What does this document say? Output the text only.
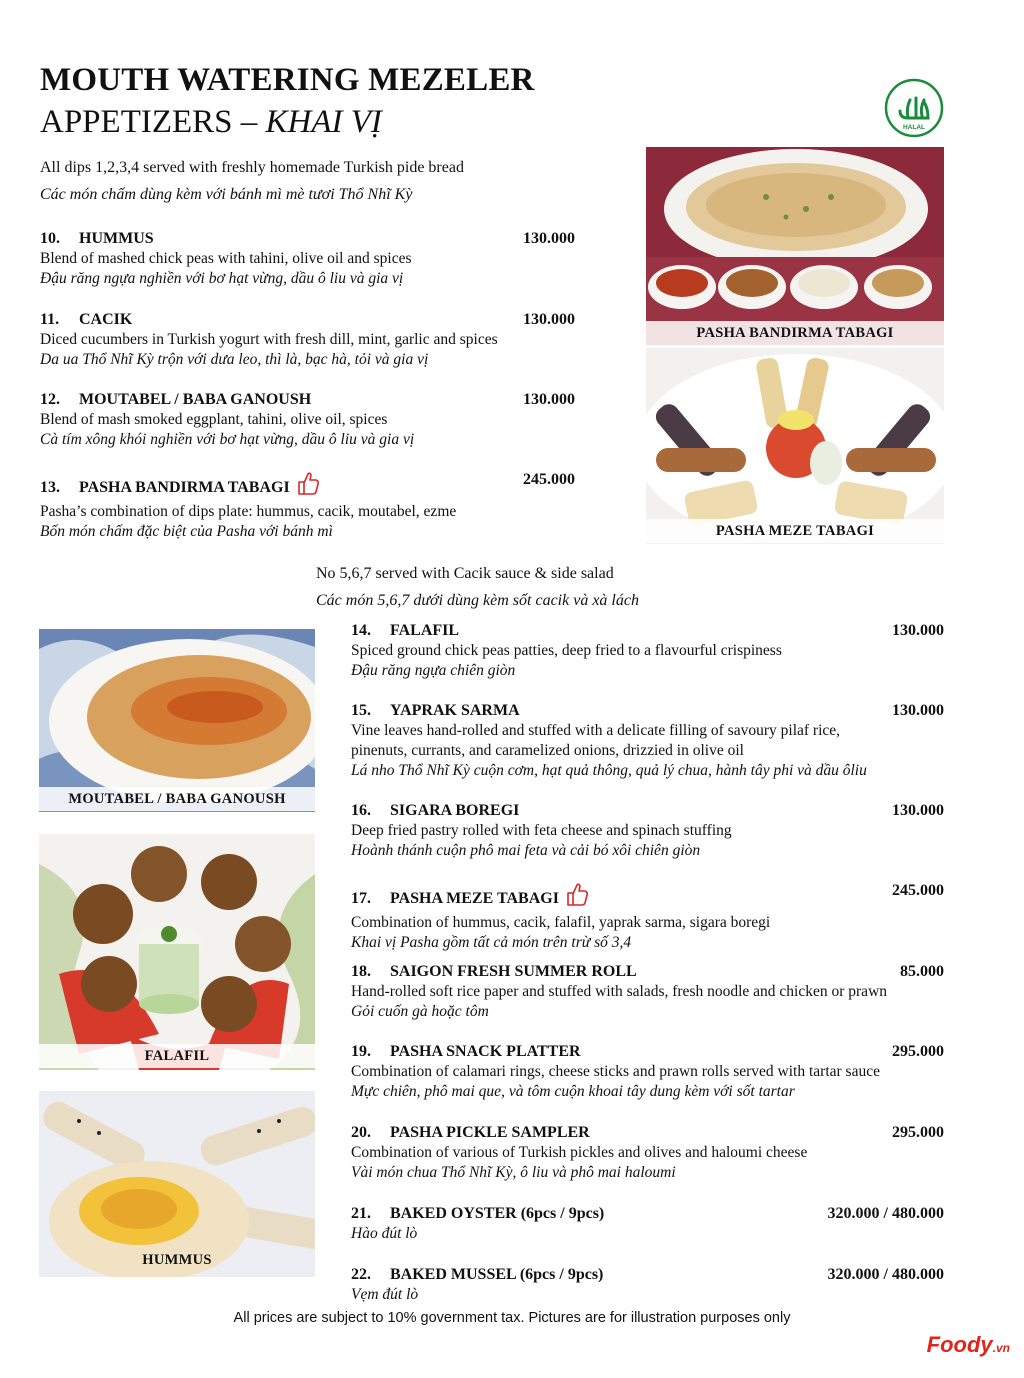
MOUTH WATERING MEZELER
APPETIZERS – KHAI VỊ	HALAL
All dips 1,2,3,4 served with freshly homemade Turkish pide bread
Các món chấm dùng kèm với bánh mì mè tươi Thổ Nhĩ Kỳ
10. HUMMUS	130.000
Blend of mashed chick peas with tahini, olive oil and spices
Đậu răng ngựa nghiền với bơ hạt vừng, dầu ô liu và gia vị
11. CACIK	130.000
Diced cucumbers in Turkish yogurt with fresh dill, mint, garlic and spices
Da ua Thổ Nhĩ Kỳ trộn với dưa leo, thì là, bạc hà, tỏi và gia vị
12. MOUTABEL / BABA GANOUSH	130.000
Blend of mash smoked eggplant, tahini, olive oil, spices
Cà tím xông khói nghiền với bơ hạt vừng, dầu ô liu và gia vị
13. PASHA BANDIRMA TABAGI	245.000
Pasha’s combination of dips plate: hummus, cacik, moutabel, ezme
Bốn món chấm đặc biệt của Pasha với bánh mì
PASHA BANDIRMA TABAGI
PASHA MEZE TABAGI
No 5,6,7 served with Cacik sauce & side salad
Các món 5,6,7 dưới dùng kèm sốt cacik và xà lách
MOUTABEL / BABA GANOUSH
FALAFIL
HUMMUS
14. FALAFIL	130.000
Spiced ground chick peas patties, deep fried to a flavourful crispiness
Đậu răng ngựa chiên giòn
15. YAPRAK SARMA	130.000
Vine leaves hand-rolled and stuffed with a delicate filling of savoury pilaf rice,
pinenuts, currants, and caramelized onions, drizzied in olive oil
Lá nho Thổ Nhĩ Kỳ cuộn cơm, hạt quả thông, quả lý chua, hành tây phi và dầu ôliu
16. SIGARA BOREGI	130.000
Deep fried pastry rolled with feta cheese and spinach stuffing
Hoành thánh cuộn phô mai feta và cải bó xôi chiên giòn
17. PASHA MEZE TABAGI	245.000
Combination of hummus, cacik, falafil, yaprak sarma, sigara boregi
Khai vị Pasha gồm tất cả món trên trừ số 3,4
18. SAIGON FRESH SUMMER ROLL	85.000
Hand-rolled soft rice paper and stuffed with salads, fresh noodle and chicken or prawn
Gỏi cuốn gà hoặc tôm
19. PASHA SNACK PLATTER	295.000
Combination of calamari rings, cheese sticks and prawn rolls served with tartar sauce
Mực chiên, phô mai que, và tôm cuộn khoai tây dung kèm với sốt tartar
20. PASHA PICKLE SAMPLER	295.000
Combination of various of Turkish pickles and olives and haloumi cheese
Vài món chua Thổ Nhĩ Kỳ, ô liu và phô mai haloumi
21. BAKED OYSTER (6pcs / 9pcs)	320.000 / 480.000
Hào đút lò
22. BAKED MUSSEL (6pcs / 9pcs)	320.000 / 480.000
Vẹm đút lò
All prices are subject to 10% government tax. Pictures are for illustration purposes only
Foody.vn
